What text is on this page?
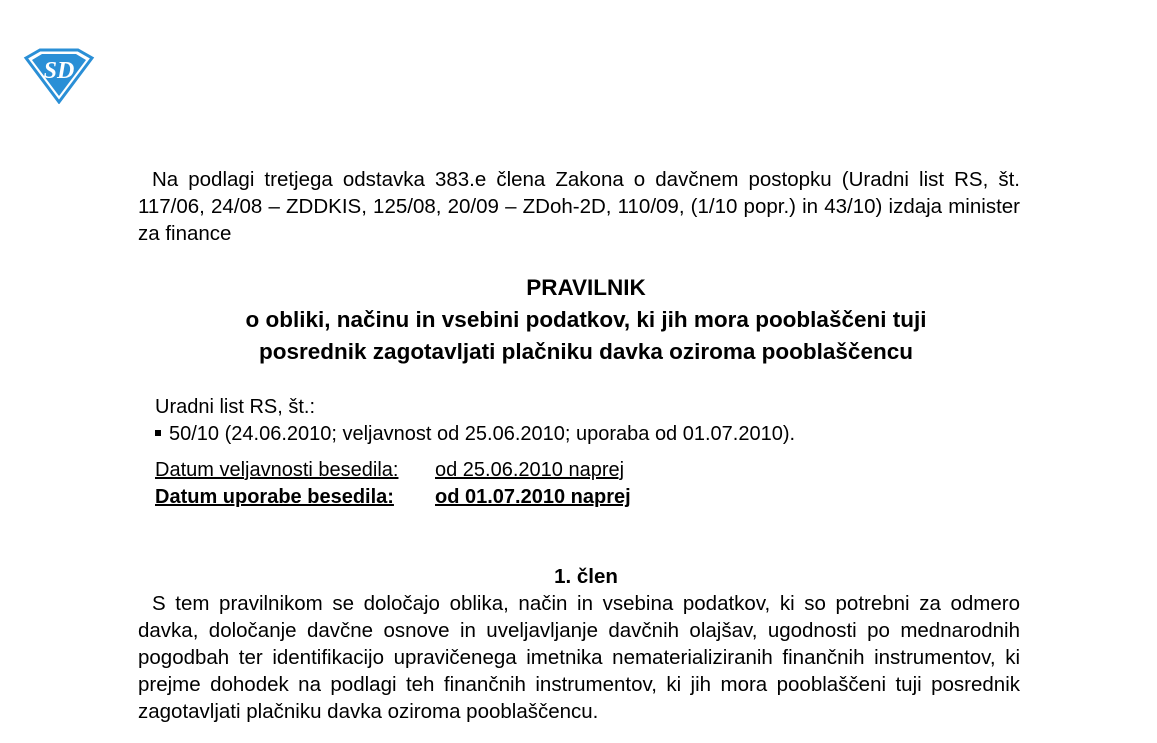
SD

Na podlagi tretjega odstavka 383.e člena Zakona o davčnem postopku (Uradni list RS, št. 117/06, 24/08 – ZDDKIS, 125/08, 20/09 – ZDoh-2D, 110/09, (1/10 popr.) in 43/10) izdaja minister za finance

PRAVILNIK
o obliki, načinu in vsebini podatkov, ki jih mora pooblaščeni tuji
posrednik zagotavljati plačniku davka oziroma pooblaščencu
Uradni list RS, št.:
50/10 (24.06.2010; veljavnost od 25.06.2010; uporaba od 01.07.2010).
Datum veljavnosti besedila:	od 25.06.2010 naprej
Datum uporabe besedila:	od 01.07.2010 naprej
1. člen

S tem pravilnikom se določajo oblika, način in vsebina podatkov, ki so potrebni za odmero davka, določanje davčne osnove in uveljavljanje davčnih olajšav, ugodnosti po mednarodnih pogodbah ter identifikacijo upravičenega imetnika nematerializiranih finančnih instrumentov, ki prejme dohodek na podlagi teh finančnih instrumentov, ki jih mora pooblaščeni tuji posrednik zagotavljati plačniku davka oziroma pooblaščencu.
